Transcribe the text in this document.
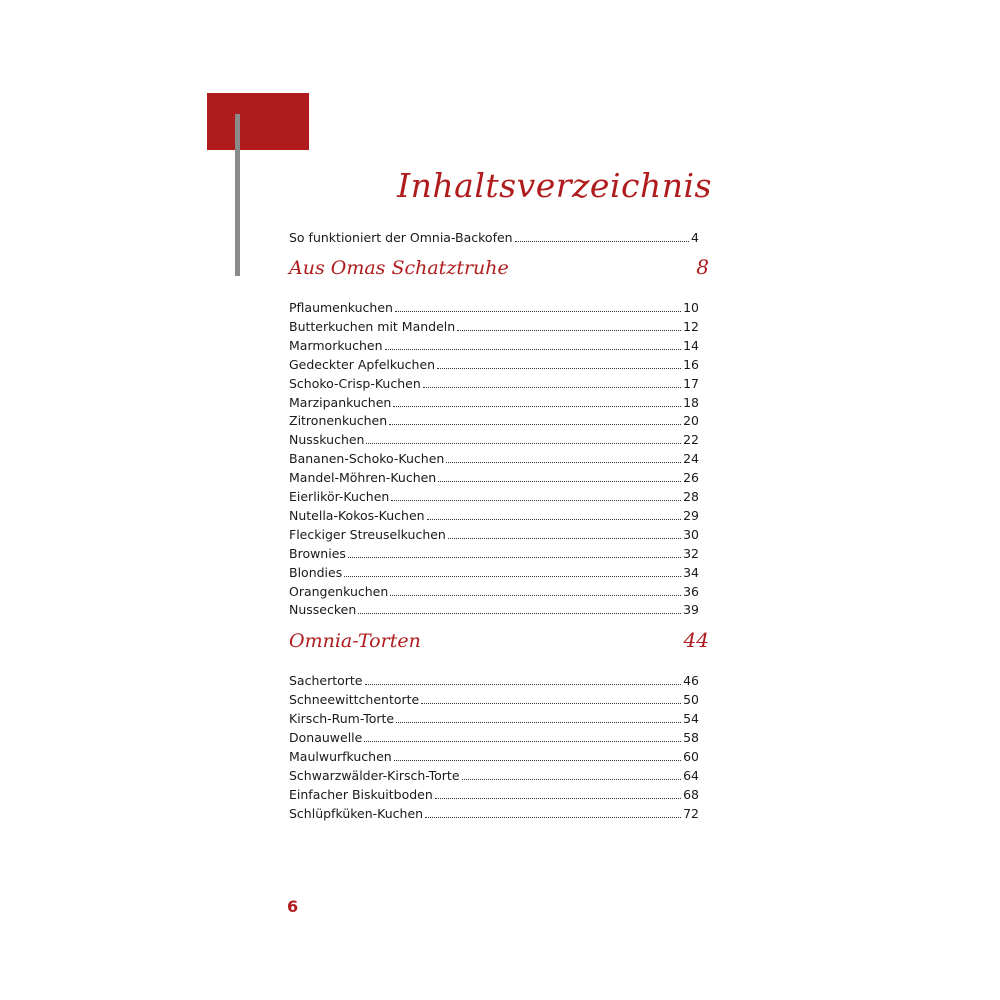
Inhaltsverzeichnis
So funktioniert der Omnia-Backofen	4
Aus Omas Schatztruhe	8
Pflaumenkuchen	10
Butterkuchen mit Mandeln	12
Marmorkuchen	14
Gedeckter Apfelkuchen	16
Schoko-Crisp-Kuchen	17
Marzipankuchen	18
Zitronenkuchen	20
Nusskuchen	22
Bananen-Schoko-Kuchen	24
Mandel-Möhren-Kuchen	26
Eierlikör-Kuchen	28
Nutella-Kokos-Kuchen	29
Fleckiger Streuselkuchen	30
Brownies	32
Blondies	34
Orangenkuchen	36
Nussecken	39
Omnia-Torten	44
Sachertorte	46
Schneewittchentorte	50
Kirsch-Rum-Torte	54
Donauwelle	58
Maulwurfkuchen	60
Schwarzwälder-Kirsch-Torte	64
Einfacher Biskuitboden	68
Schlüpfküken-Kuchen	72
6
